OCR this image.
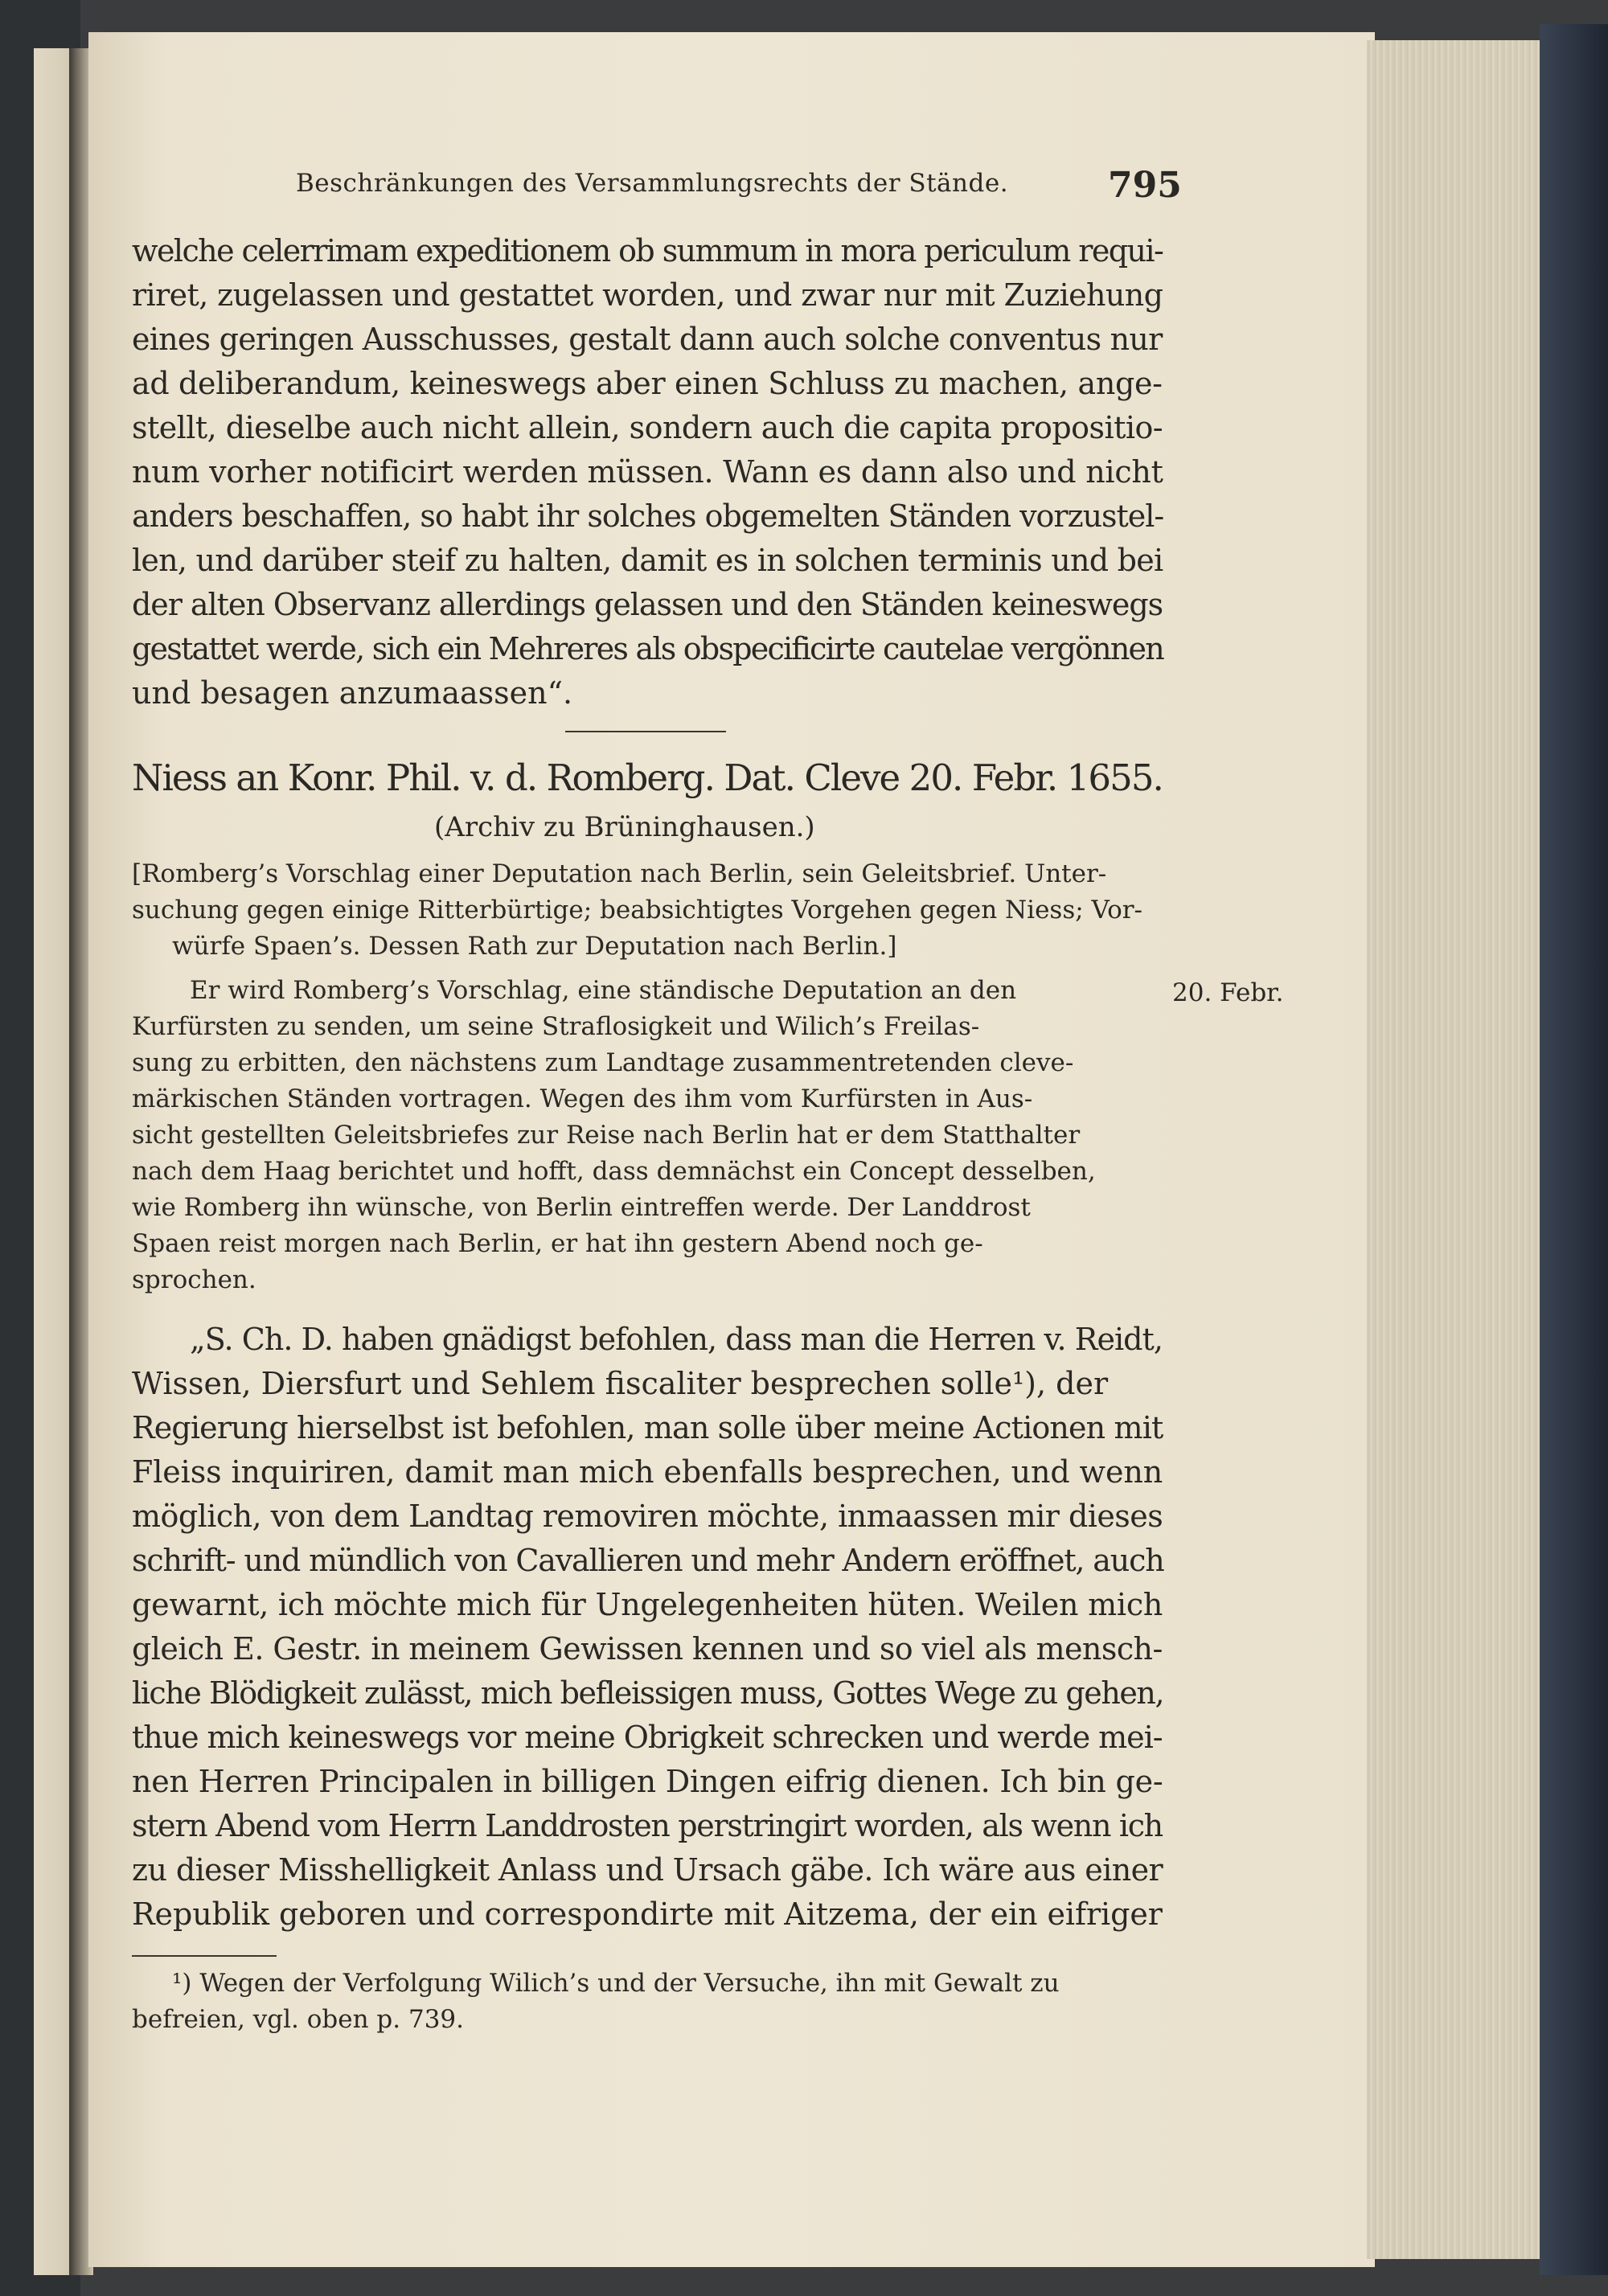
Beschränkungen des Versammlungsrechts der Stände.	795
welche celerrimam expeditionem ob summum in mora periculum requi-
riret, zugelassen und gestattet worden, und zwar nur mit Zuziehung
eines geringen Ausschusses, gestalt dann auch solche conventus nur
ad deliberandum, keineswegs aber einen Schluss zu machen, ange-
stellt, dieselbe auch nicht allein, sondern auch die capita propositio-
num vorher notificirt werden müssen. Wann es dann also und nicht
anders beschaffen, so habt ihr solches obgemelten Ständen vorzustel-
len, und darüber steif zu halten, damit es in solchen terminis und bei
der alten Observanz allerdings gelassen und den Ständen keineswegs
gestattet werde, sich ein Mehreres als obspecificirte cautelae vergönnen
und besagen anzumaassen“.
Niess an Konr. Phil. v. d. Romberg. Dat. Cleve 20. Febr. 1655.
(Archiv zu Brüninghausen.)
[Romberg’s Vorschlag einer Deputation nach Berlin, sein Geleitsbrief. Unter-
suchung gegen einige Ritterbürtige; beabsichtigtes Vorgehen gegen Niess; Vor-
würfe Spaen’s. Dessen Rath zur Deputation nach Berlin.]
Er wird Romberg’s Vorschlag, eine ständische Deputation an den	20. Febr.
Kurfürsten zu senden, um seine Straflosigkeit und Wilich’s Freilas-
sung zu erbitten, den nächstens zum Landtage zusammentretenden cleve-
märkischen Ständen vortragen. Wegen des ihm vom Kurfürsten in Aus-
sicht gestellten Geleitsbriefes zur Reise nach Berlin hat er dem Statthalter
nach dem Haag berichtet und hofft, dass demnächst ein Concept desselben,
wie Romberg ihn wünsche, von Berlin eintreffen werde. Der Landdrost
Spaen reist morgen nach Berlin, er hat ihn gestern Abend noch ge-
sprochen.
„S. Ch. D. haben gnädigst befohlen, dass man die Herren v. Reidt,
Wissen, Diersfurt und Sehlem fiscaliter besprechen solle¹), der
Regierung hierselbst ist befohlen, man solle über meine Actionen mit
Fleiss inquiriren, damit man mich ebenfalls besprechen, und wenn
möglich, von dem Landtag removiren möchte, inmaassen mir dieses
schrift- und mündlich von Cavallieren und mehr Andern eröffnet, auch
gewarnt, ich möchte mich für Ungelegenheiten hüten. Weilen mich
gleich E. Gestr. in meinem Gewissen kennen und so viel als mensch-
liche Blödigkeit zulässt, mich befleissigen muss, Gottes Wege zu gehen,
thue mich keineswegs vor meine Obrigkeit schrecken und werde mei-
nen Herren Principalen in billigen Dingen eifrig dienen. Ich bin ge-
stern Abend vom Herrn Landdrosten perstringirt worden, als wenn ich
zu dieser Misshelligkeit Anlass und Ursach gäbe. Ich wäre aus einer
Republik geboren und correspondirte mit Aitzema, der ein eifriger
¹) Wegen der Verfolgung Wilich’s und der Versuche, ihn mit Gewalt zu
befreien, vgl. oben p. 739.
